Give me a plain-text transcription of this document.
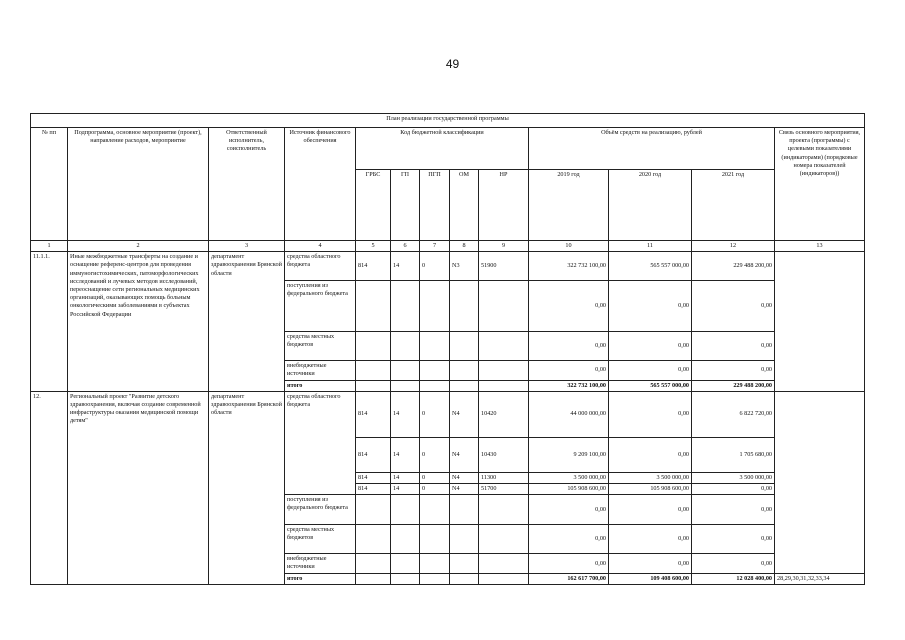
49
План реализации государственной программы												
№ пп	Подпрограмма, основное мероприятие (проект), направление расходов, мероприятие	Ответственный исполнитель, соисполнитель	Источник финансового обеспечения	Код бюджетной классификации					Объём средств на реализацию, рублей			Связь основного мероприятия, проекта (программы) с целевыми показателями (индикаторами) (порядковые номера показателей (индикаторов))
				ГРБС	ГП	ПГП	ОМ	НР	2019 год	2020 год	2021 год	
1	2	3	4	5	6	7	8	9	10	11	12	13
11.1.1.	Иные межбюджетные трансферты на создание и оснащение референс-центров для проведения иммуногистохимических, патоморфологических исследований и лучевых методов исследований, переоснащение сети региональных медицинских организаций, оказывающих помощь больным онкологическими заболеваниями в субъектах Российской Федерации	департамент здравоохранения Брянской области	средства областного бюджета	814	14	0	N3	51900	322 732 100,00	565 557 000,00	229 488 200,00	
			поступления из федерального бюджета						0,00	0,00	0,00	
			средства местных бюджетов						0,00	0,00	0,00	
			внебюджетные источники						0,00	0,00	0,00	
			итого						322 732 100,00	565 557 000,00	229 488 200,00	
12.	Региональный проект "Развитие детского здравоохранения, включая создание современной инфраструктуры оказания медицинской помощи детям"	департамент здравоохранения Брянской области	средства областного бюджета	814	14	0	N4	10420	44 000 000,00	0,00	6 822 720,00	
				814	14	0	N4	10430	9 209 100,00	0,00	1 705 680,00	
				814	14	0	N4	11300	3 500 000,00	3 500 000,00	3 500 000,00	
				814	14	0	N4	51700	105 908 600,00	105 908 600,00	0,00	
			поступления из федерального бюджета						0,00	0,00	0,00	
			средства местных бюджетов						0,00	0,00	0,00	
			внебюджетные источники						0,00	0,00	0,00	
			итого						162 617 700,00	109 408 600,00	12 028 400,00	28,29,30,31,32,33,34
